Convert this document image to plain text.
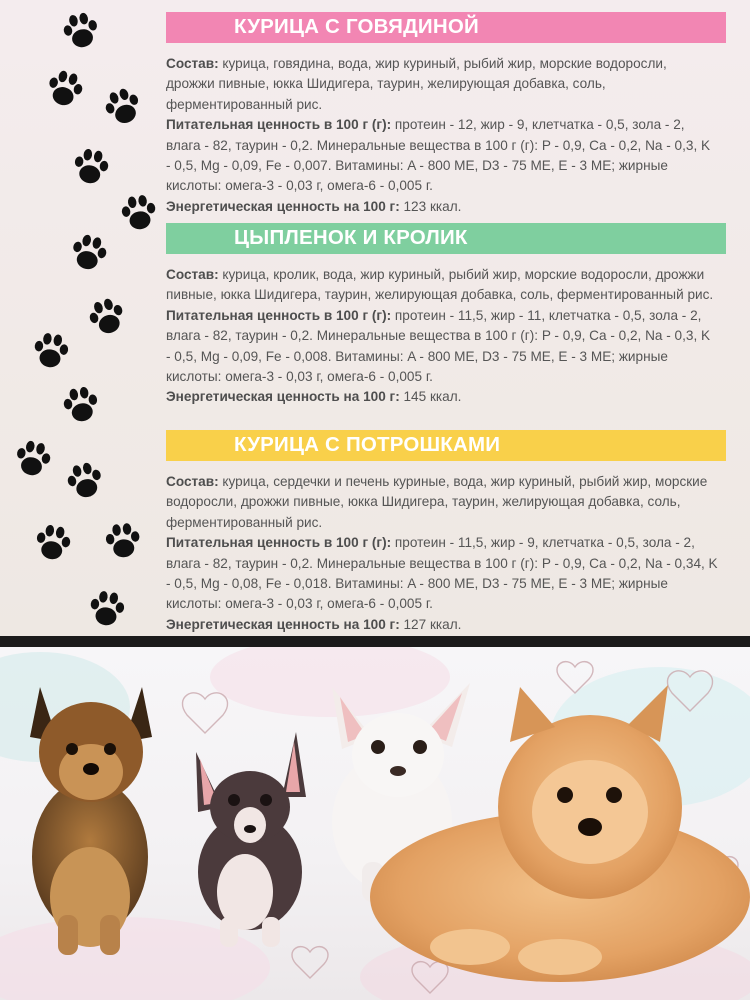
КУРИЦА С ГОВЯДИНОЙ

Состав: курица, говядина, вода, жир куриный, рыбий жир, морские водоросли, дрожжи пивные, юкка Шидигера, таурин, желирующая добавка, соль, ферментированный рис.

Питательная ценность в 100 г (г): протеин - 12, жир - 9, клетчатка - 0,5, зола - 2, влага - 82, таурин - 0,2. Минеральные вещества в 100 г (г): P - 0,9, Ca - 0,2, Na - 0,3, K - 0,5, Mg - 0,09, Fe - 0,007. Витамины: A - 800 МЕ, D3 - 75 МЕ, E - 3 МЕ; жирные кислоты: омега-3 - 0,03 г, омега-6 - 0,005 г.

Энергетическая ценность на 100 г: 123 ккал.

ЦЫПЛЕНОК И КРОЛИК

Состав: курица, кролик, вода, жир куриный, рыбий жир, морские водоросли, дрожжи пивные, юкка Шидигера, таурин, желирующая добавка, соль, ферментированный рис.

Питательная ценность в 100 г (г): протеин - 11,5, жир - 11, клетчатка - 0,5, зола - 2, влага - 82, таурин - 0,2. Минеральные вещества в 100 г (г): P - 0,9, Ca - 0,2, Na - 0,3, K - 0,5, Mg - 0,09, Fe - 0,008. Витамины: A - 800 МЕ, D3 - 75 МЕ, E - 3 МЕ; жирные кислоты: омега-3 - 0,03 г, омега-6 - 0,005 г.

Энергетическая ценность на 100 г: 145 ккал.

КУРИЦА С ПОТРОШКАМИ

Состав: курица, сердечки и печень куриные, вода, жир куриный, рыбий жир, морские водоросли, дрожжи пивные, юкка Шидигера, таурин, желирующая добавка, соль, ферментированный рис.

Питательная ценность в 100 г (г): протеин - 11,5, жир - 9, клетчатка - 0,5, зола - 2, влага - 82, таурин - 0,2. Минеральные вещества в 100 г (г): P - 0,9, Ca - 0,2, Na - 0,34, K - 0,5, Mg - 0,08, Fe - 0,018. Витамины: A - 800 МЕ, D3 - 75 МЕ, E - 3 МЕ; жирные кислоты: омега-3 - 0,03 г, омега-6 - 0,005 г.

Энергетическая ценность на 100 г: 127 ккал.
